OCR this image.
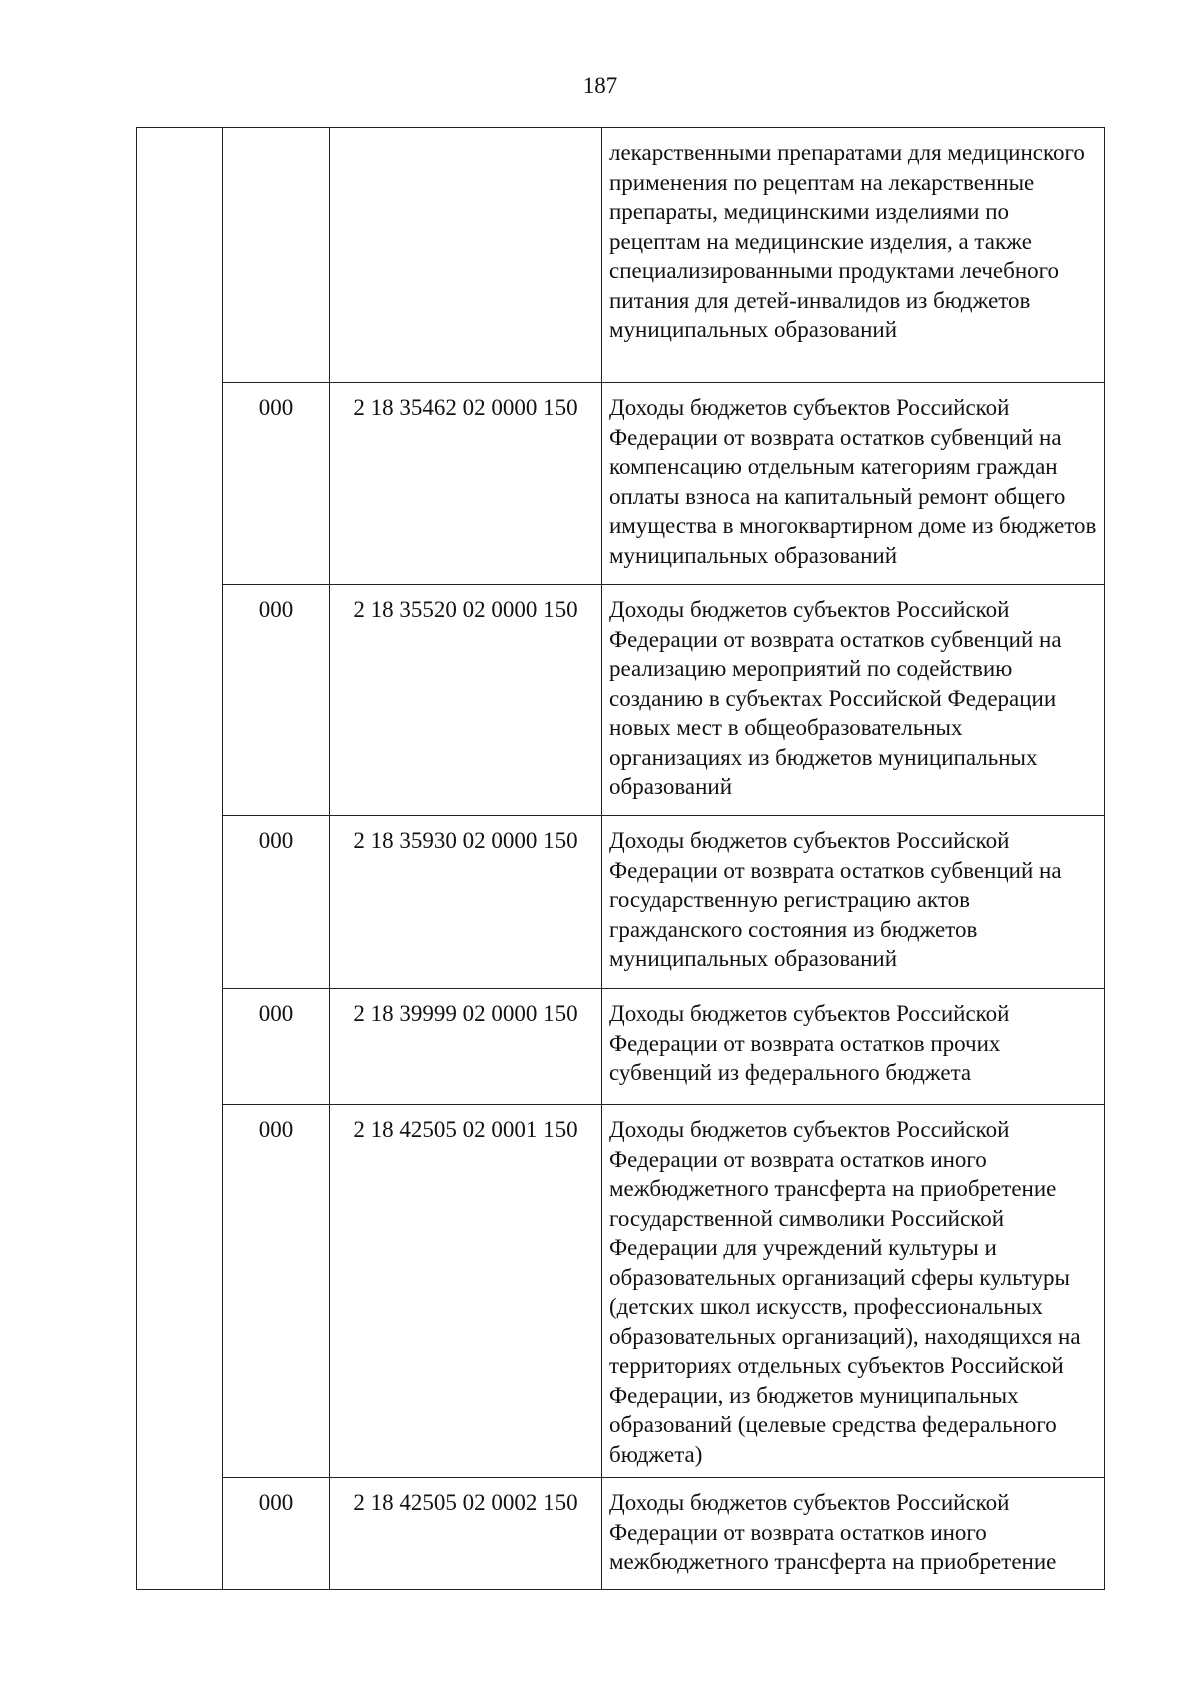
187
			лекарственными препаратами для медицинского применения по рецептам на лекарственные препараты, медицинскими изделиями по рецептам на медицинские изделия, а также специализированными продуктами лечебного питания для детей-инвалидов из бюджетов муниципальных образований
	000	2 18 35462 02 0000 150	Доходы бюджетов субъектов Российской Федерации от возврата остатков субвенций на компенсацию отдельным категориям граждан оплаты взноса на капитальный ремонт общего имущества в многоквартирном доме из бюджетов муниципальных образований
	000	2 18 35520 02 0000 150	Доходы бюджетов субъектов Российской Федерации от возврата остатков субвенций на реализацию мероприятий по содействию созданию в субъектах Российской Федерации новых мест в общеобразовательных организациях из бюджетов муниципальных образований
	000	2 18 35930 02 0000 150	Доходы бюджетов субъектов Российской Федерации от возврата остатков субвенций на государственную регистрацию актов гражданского состояния из бюджетов муниципальных образований
	000	2 18 39999 02 0000 150	Доходы бюджетов субъектов Российской Федерации от возврата остатков прочих субвенций из федерального бюджета
	000	2 18 42505 02 0001 150	Доходы бюджетов субъектов Российской Федерации от возврата остатков иного межбюджетного трансферта на приобретение государственной символики Российской Федерации для учреждений культуры и образовательных организаций сферы культуры (детских школ искусств, профессиональных образовательных организаций), находящихся на территориях отдельных субъектов Российской Федерации, из бюджетов муниципальных образований (целевые средства федерального бюджета)
	000	2 18 42505 02 0002 150	Доходы бюджетов субъектов Российской Федерации от возврата остатков иного межбюджетного трансферта на приобретение
